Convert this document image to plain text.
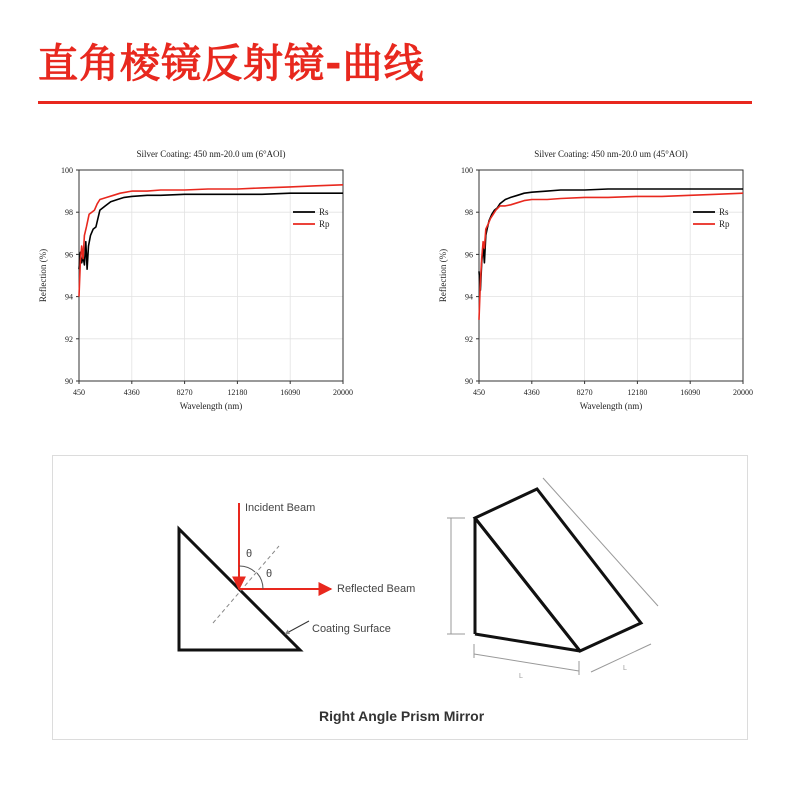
直角棱镜反射镜-曲线
450	4360	8270	12180	16090	20000
90
92
94
96
98
100
Silver Coating: 450 nm-20.0 um (6°AOI)
Wavelength (nm)
Reflection (%)
Rs
Rp
450	4360	8270	12180	16090	20000
90
92
94
96
98
100
Silver Coating: 450 nm-20.0 um (45°AOI)
Wavelength (nm)
Reflection (%)
Rs
Rp
θ
θ
Incident Beam
Reflected Beam
Coating Surface
L
L
Right Angle Prism Mirror
